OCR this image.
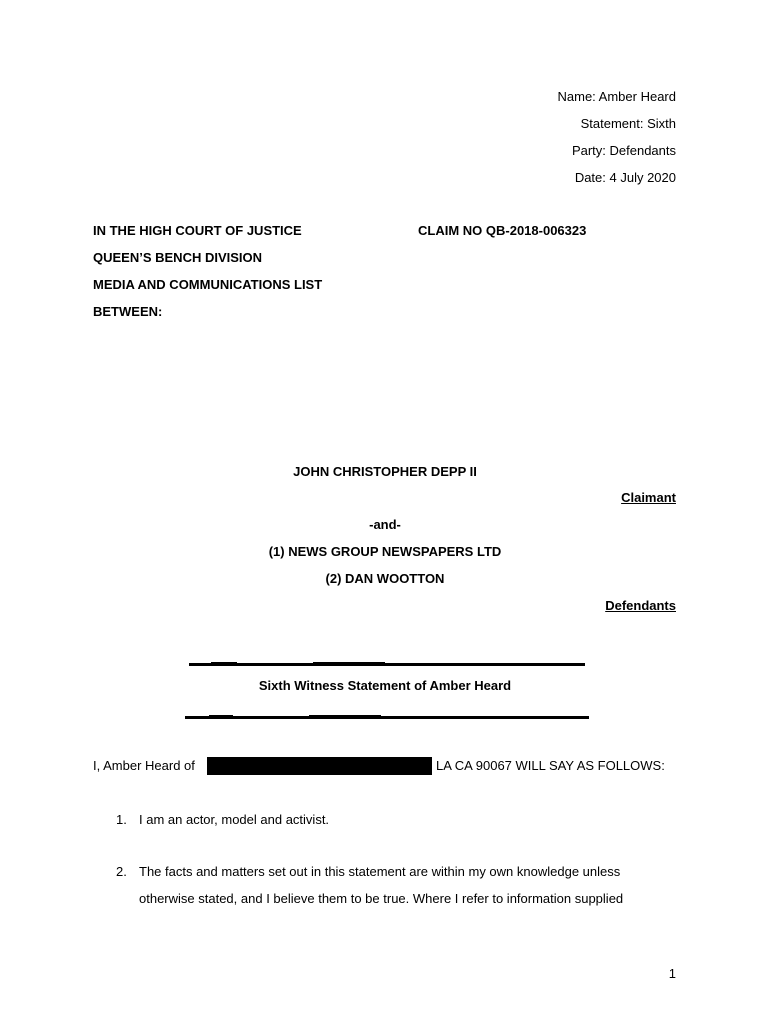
Name: Amber Heard
Statement: Sixth
Party: Defendants
Date: 4 July 2020
IN THE HIGH COURT OF JUSTICE	CLAIM NO QB-2018-006323
QUEEN’S BENCH DIVISION
MEDIA AND COMMUNICATIONS LIST
BETWEEN:
JOHN CHRISTOPHER DEPP II
Claimant
-and-
(1) NEWS GROUP NEWSPAPERS LTD
(2) DAN WOOTTON
Defendants
Sixth Witness Statement of Amber Heard
I, Amber Heard of	LA CA 90067 WILL SAY AS FOLLOWS:
1. I am an actor, model and activist.
2. The facts and matters set out in this statement are within my own knowledge unless
otherwise stated, and I believe them to be true. Where I refer to information supplied
1
